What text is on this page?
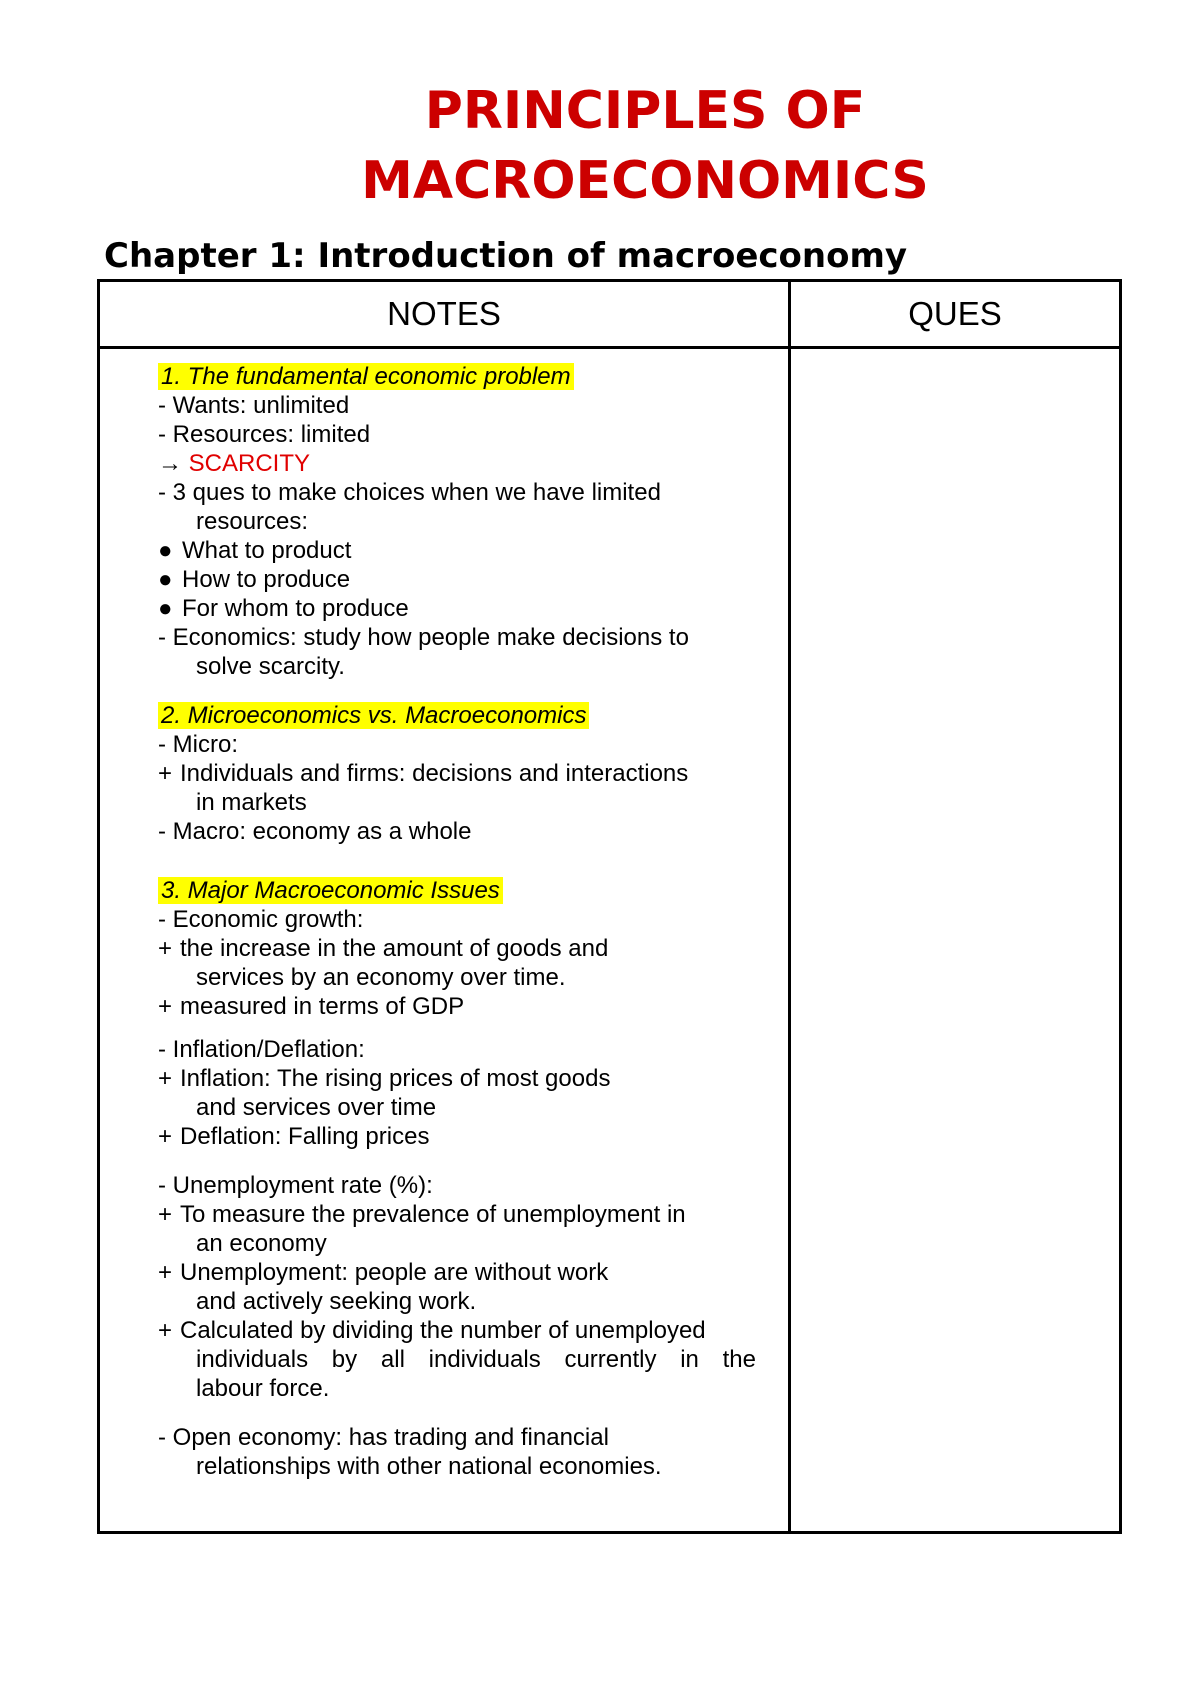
PRINCIPLES OF
MACROECONOMICS
Chapter 1: Introduction of macroeconomy
NOTES	QUES

1. The fundamental economic problem

- Wants: unlimited

- Resources: limited

→ SCARCITY

- 3 ques to make choices when we have limited

resources:

● What to product

● How to produce

● For whom to produce

- Economics: study how people make decisions to

solve scarcity.

2. Microeconomics vs. Macroeconomics

- Micro:

+ Individuals and firms: decisions and interactions

in markets

- Macro: economy as a whole

3. Major Macroeconomic Issues

- Economic growth:

+ the increase in the amount of goods and

services by an economy over time.

+ measured in terms of GDP

- Inflation/Deflation:

+ Inflation: The rising prices of most goods

and services over time

+ Deflation: Falling prices

- Unemployment rate (%):

+ To measure the prevalence of unemployment in

an economy

+ Unemployment: people are without work

and actively seeking work.

+ Calculated by dividing the number of unemployed

individuals by all individuals currently in the

labour force.

- Open economy: has trading and financial

relationships with other national economies.
